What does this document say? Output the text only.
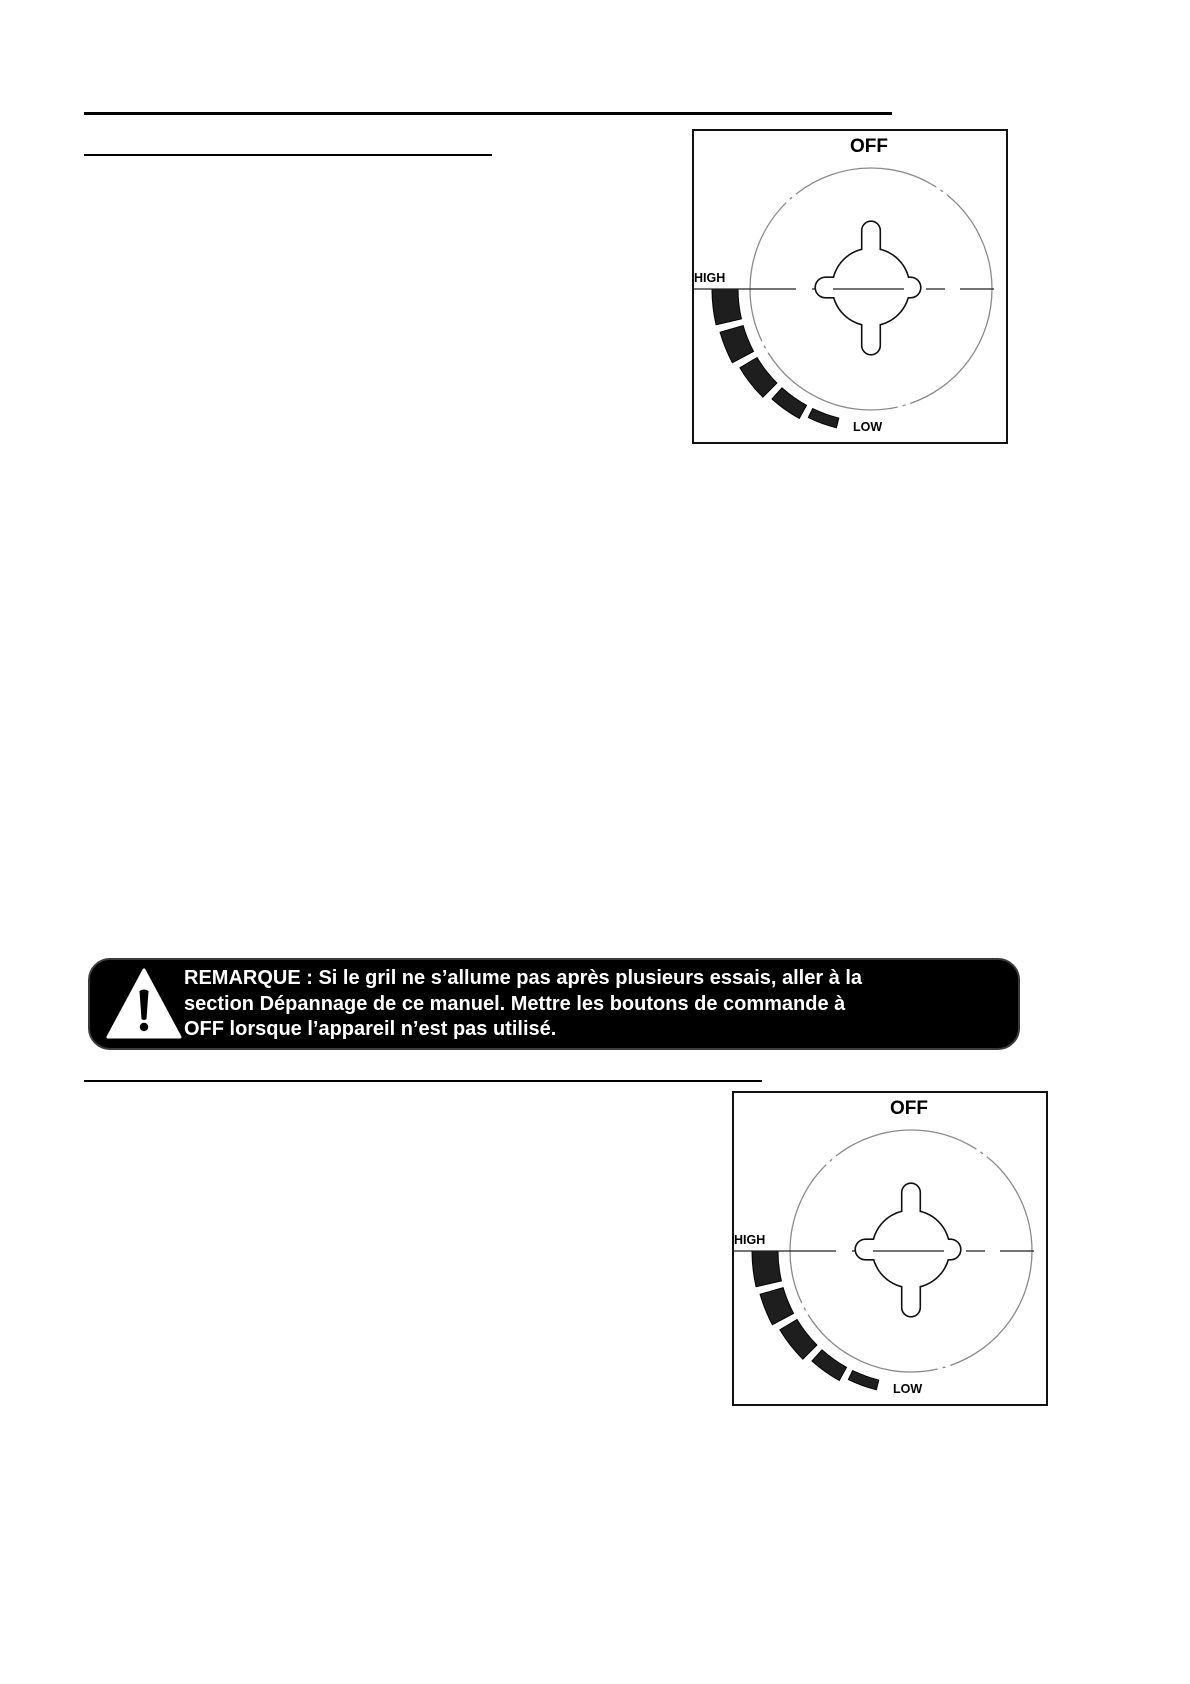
OFF
HIGH
LOW
REMARQUE : Si le gril ne s’allume pas après plusieurs essais, aller à la
section Dépannage de ce manuel. Mettre les boutons de commande à
OFF lorsque l’appareil n’est pas utilisé.
OFF
HIGH
LOW
